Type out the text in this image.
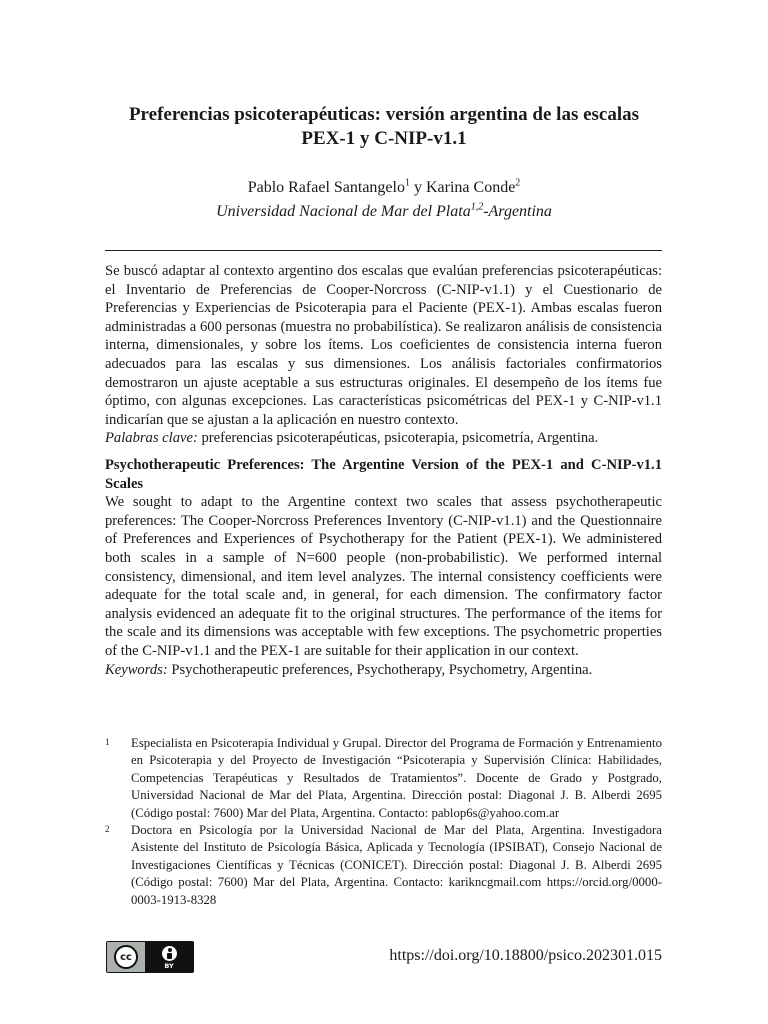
Preferencias psicoterapéuticas: versión argentina de las escalas PEX-1 y C-NIP-v1.1
Pablo Rafael Santangelo$^1$ y Karina Conde$^2$
Universidad Nacional de Mar del Plata$^{1,2}$-Argentina
Se buscó adaptar al contexto argentino dos escalas que evalúan preferencias psicoterapéuticas: el Inventario de Preferencias de Cooper-Norcross (C-NIP-v1.1) y el Cuestionario de Preferencias y Experiencias de Psicoterapia para el Paciente (PEX-1). Ambas escalas fueron administradas a 600 personas (muestra no probabilística). Se realizaron análisis de consistencia interna, dimensionales, y sobre los ítems. Los coeficientes de consistencia interna fueron adecuados para las escalas y sus dimensiones. Los análisis factoriales confirmatorios demostraron un ajuste aceptable a sus estructuras originales. El desempeño de los ítems fue óptimo, con algunas excepciones. Las características psicométricas del PEX-1 y C-NIP-v1.1 indicarían que se ajustan a la aplicación en nuestro contexto.
Palabras clave: preferencias psicoterapéuticas, psicoterapia, psicometría, Argentina.
Psychotherapeutic Preferences: The Argentine Version of the PEX-1 and C-NIP-v1.1 Scales
We sought to adapt to the Argentine context two scales that assess psychotherapeutic preferences: The Cooper-Norcross Preferences Inventory (C-NIP-v1.1) and the Questionnaire of Preferences and Experiences of Psychotherapy for the Patient (PEX-1). We administered both scales in a sample of N=600 people (non-probabilistic). We performed internal consistency, dimensional, and item level analyzes. The internal consistency coefficients were adequate for the total scale and, in general, for each dimension. The confirmatory factor analysis evidenced an adequate fit to the original structures. The performance of the items for the scale and its dimensions was acceptable with few exceptions. The psychometric properties of the C-NIP-v1.1 and the PEX-1 are suitable for their application in our context.
Keywords: Psychotherapeutic preferences, Psychotherapy, Psychometry, Argentina.
1	Especialista en Psicoterapia Individual y Grupal. Director del Programa de Formación y Entrenamiento en Psicoterapia y del Proyecto de Investigación “Psicoterapia y Supervisión Clínica: Habilidades, Competencias Terapéuticas y Resultados de Tratamientos”. Docente de Grado y Postgrado, Universidad Nacional de Mar del Plata, Argentina. Dirección postal: Diagonal J. B. Alberdi 2695 (Código postal: 7600) Mar del Plata, Argentina. Contacto: pablop6s@yahoo.com.ar
2	Doctora en Psicología por la Universidad Nacional de Mar del Plata, Argentina. Investigadora Asistente del Instituto de Psicología Básica, Aplicada y Tecnología (IPSIBAT), Consejo Nacional de Investigaciones Científicas y Técnicas (CONICET). Dirección postal: Diagonal J. B. Alberdi 2695 (Código postal: 7600) Mar del Plata, Argentina. Contacto: karikncgmail.com https://orcid.org/0000-0003-1913-8328
cc
BY
https://doi.org/10.18800/psico.202301.015
